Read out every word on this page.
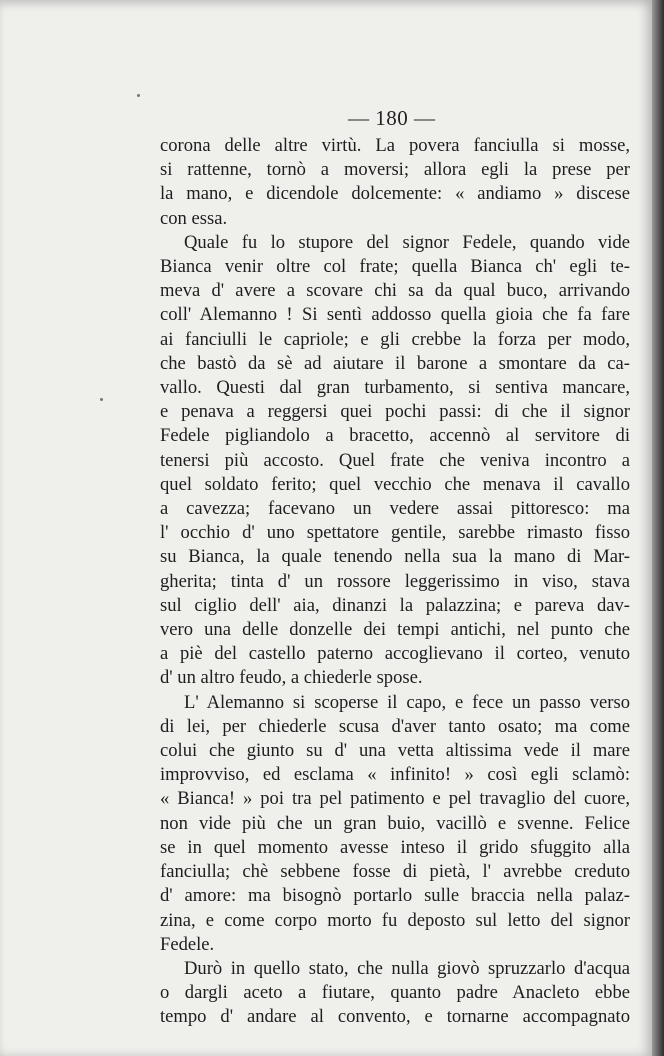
— 180 —
corona delle altre virtù. La povera fanciulla si mosse,
si rattenne, tornò a moversi; allora egli la prese per
la mano, e dicendole dolcemente: « andiamo » discese
con essa.
Quale fu lo stupore del signor Fedele, quando vide
Bianca venir oltre col frate; quella Bianca ch' egli te-
meva d' avere a scovare chi sa da qual buco, arrivando
coll' Alemanno ! Si sentì addosso quella gioia che fa fare
ai fanciulli le capriole; e gli crebbe la forza per modo,
che bastò da sè ad aiutare il barone a smontare da ca-
vallo. Questi dal gran turbamento, si sentiva mancare,
e penava a reggersi quei pochi passi: di che il signor
Fedele pigliandolo a bracetto, accennò al servitore di
tenersi più accosto. Quel frate che veniva incontro a
quel soldato ferito; quel vecchio che menava il cavallo
a cavezza; facevano un vedere assai pittoresco: ma
l' occhio d' uno spettatore gentile, sarebbe rimasto fisso
su Bianca, la quale tenendo nella sua la mano di Mar-
gherita; tinta d' un rossore leggerissimo in viso, stava
sul ciglio dell' aia, dinanzi la palazzina; e pareva dav-
vero una delle donzelle dei tempi antichi, nel punto che
a piè del castello paterno accoglievano il corteo, venuto
d' un altro feudo, a chiederle spose.
L' Alemanno si scoperse il capo, e fece un passo verso
di lei, per chiederle scusa d'aver tanto osato; ma come
colui che giunto su d' una vetta altissima vede il mare
improvviso, ed esclama « infinito! » così egli sclamò:
« Bianca! » poi tra pel patimento e pel travaglio del cuore,
non vide più che un gran buio, vacillò e svenne. Felice
se in quel momento avesse inteso il grido sfuggito alla
fanciulla; chè sebbene fosse di pietà, l' avrebbe creduto
d' amore: ma bisognò portarlo sulle braccia nella palaz-
zina, e come corpo morto fu deposto sul letto del signor
Fedele.
Durò in quello stato, che nulla giovò spruzzarlo d'acqua
o dargli aceto a fiutare, quanto padre Anacleto ebbe
tempo d' andare al convento, e tornarne accompagnato
